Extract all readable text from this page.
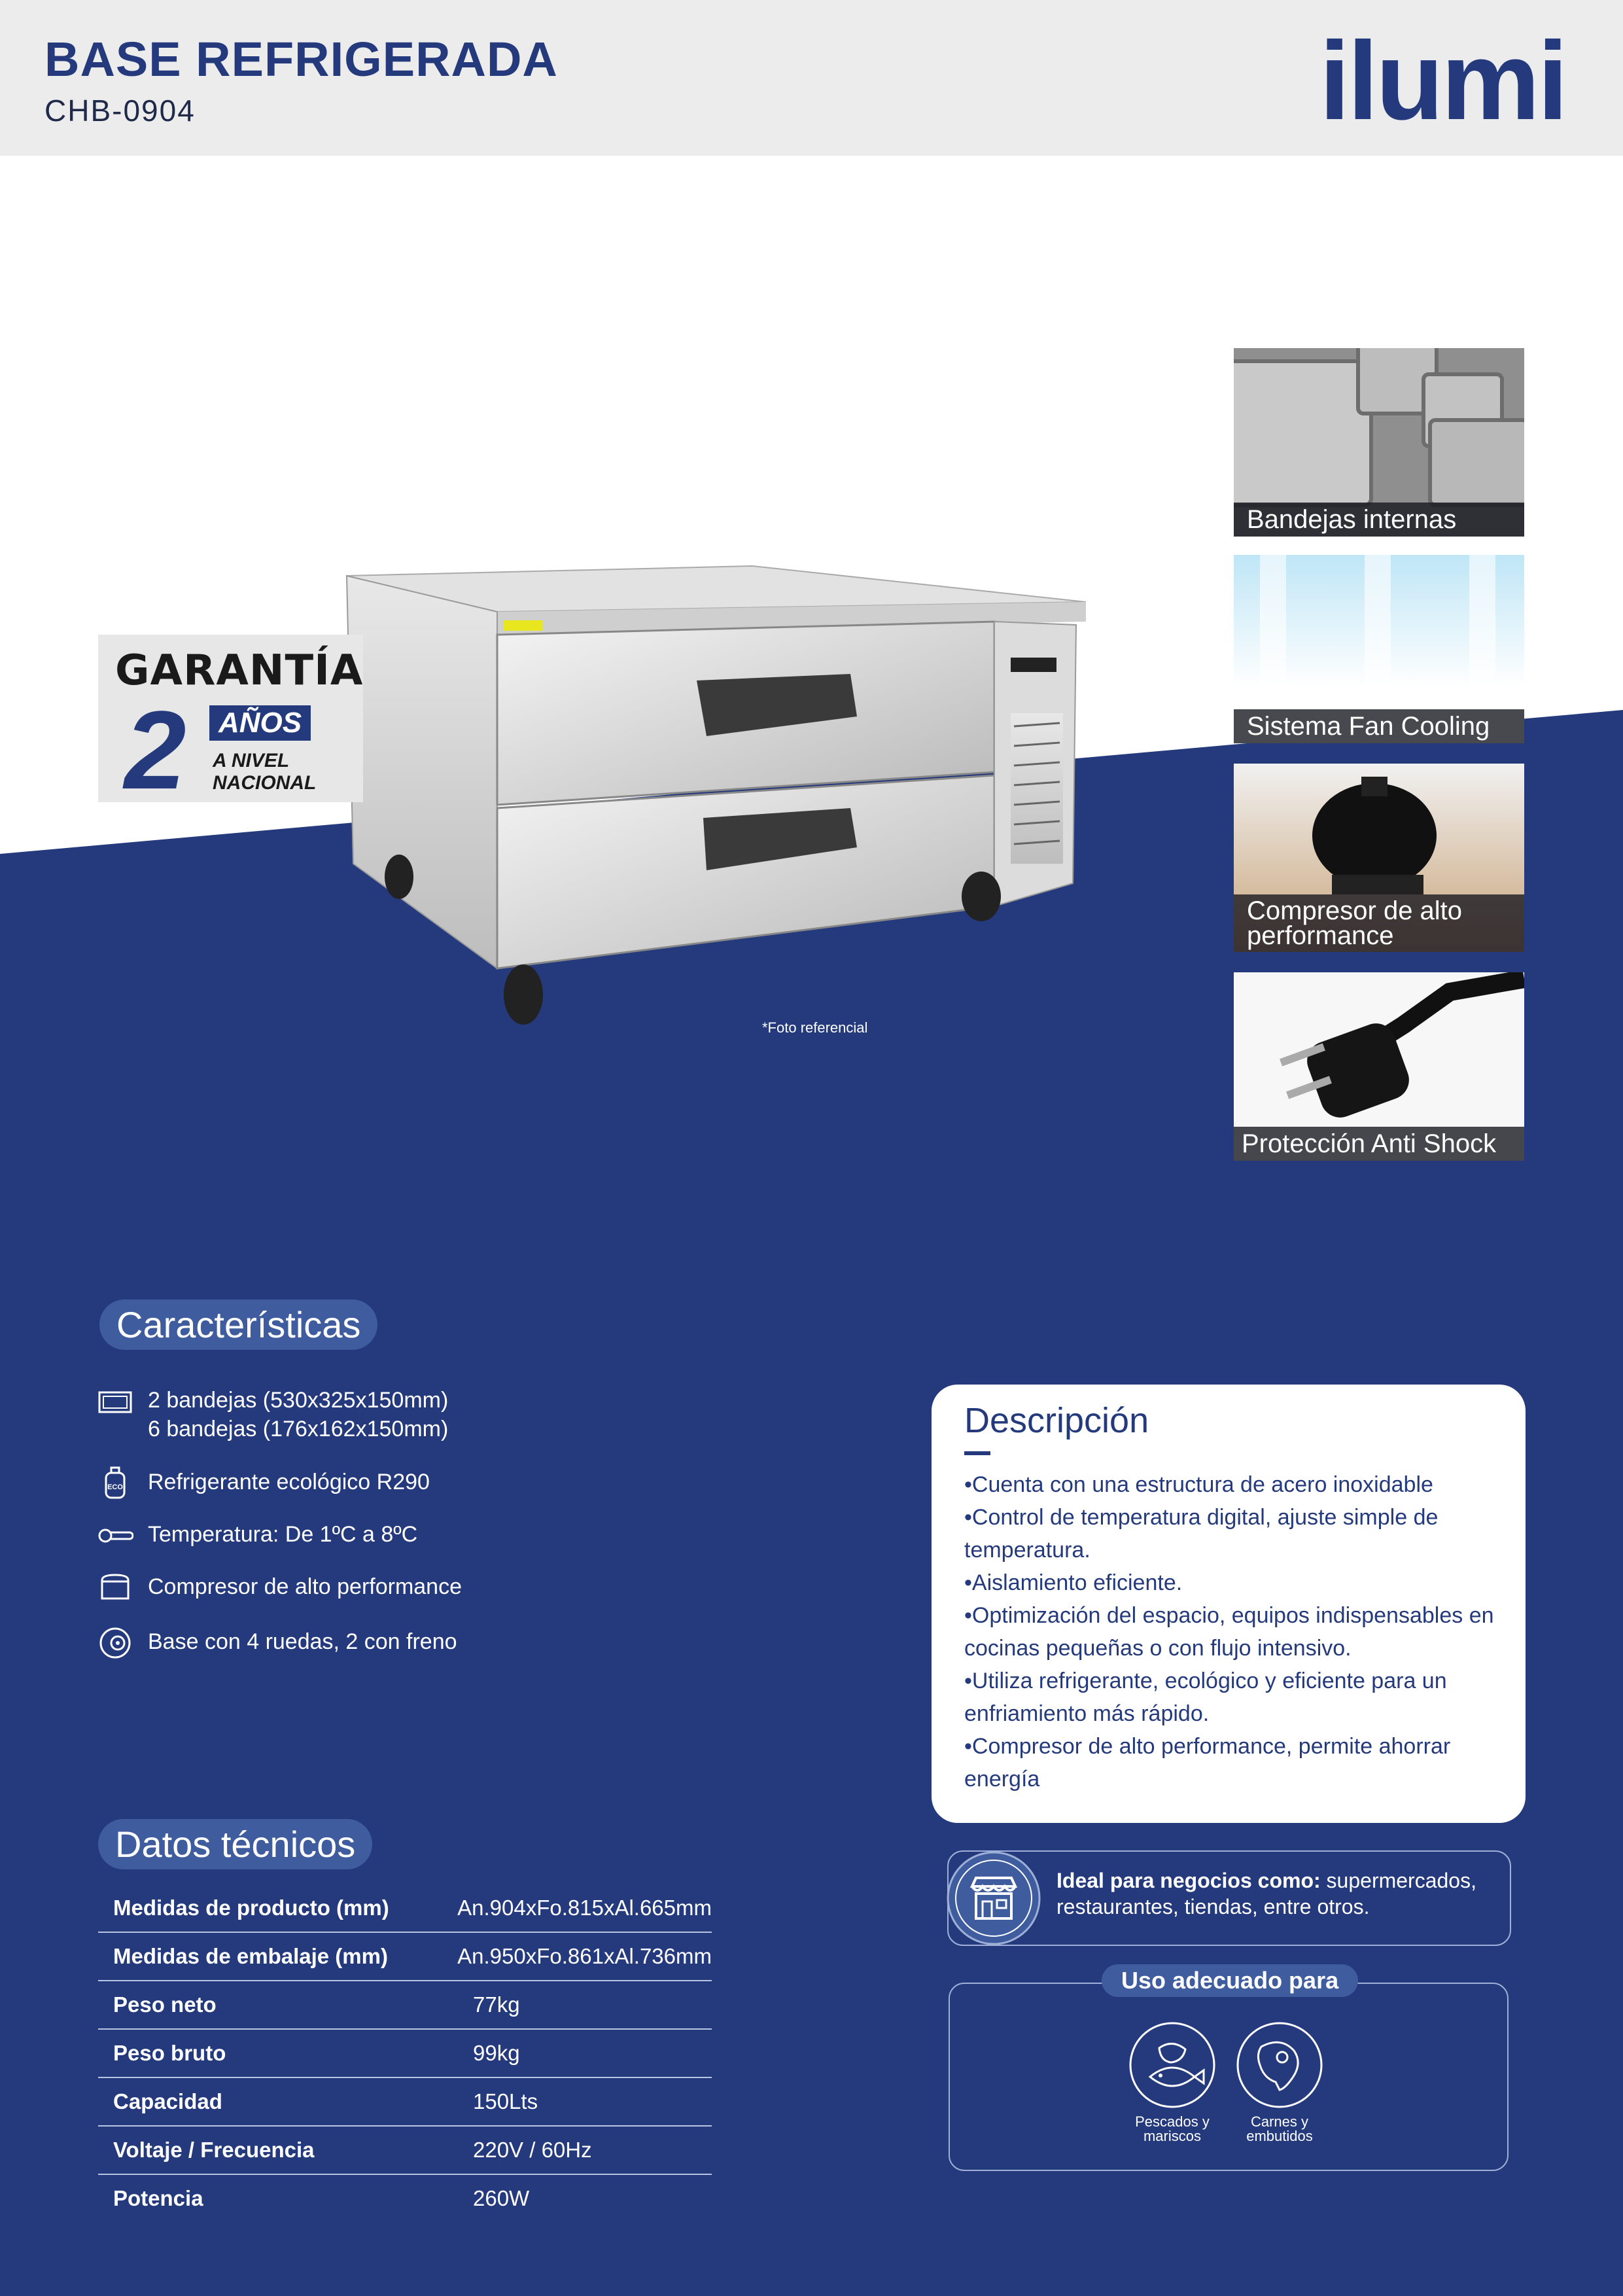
BASE REFRIGERADA
CHB-0904	ilumi
GARANTÍA
2	AÑOS
A NIVEL
NACIONAL
*Foto referencial
Bandejas internas
Sistema Fan Cooling
Compresor de alto performance
Protección Anti Shock
Características
2 bandejas (530x325x150mm)
6 bandejas (176x162x150mm)
ECO Refrigerante ecológico R290
Temperatura: De 1ºC a 8ºC
Compresor de alto performance
Base con 4 ruedas, 2 con freno
Descripción
•Cuenta con una estructura de acero inoxidable
•Control de temperatura digital, ajuste simple de temperatura.
•Aislamiento eficiente.
•Optimización del espacio, equipos indispensables en cocinas pequeñas o con flujo intensivo.
•Utiliza refrigerante, ecológico y eficiente para un enfriamiento más rápido.
•Compresor de alto performance, permite ahorrar energía
Datos técnicos
Medidas de producto (mm)	An.904xFo.815xAl.665mm
Medidas de embalaje (mm)	An.950xFo.861xAl.736mm
Peso neto	77kg
Peso bruto	99kg
Capacidad	150Lts
Voltaje / Frecuencia	220V / 60Hz
Potencia	260W
Ideal para negocios como: supermercados, restaurantes, tiendas, entre otros.
Pescados y
mariscos
Carnes y
embutidos
Uso adecuado para
